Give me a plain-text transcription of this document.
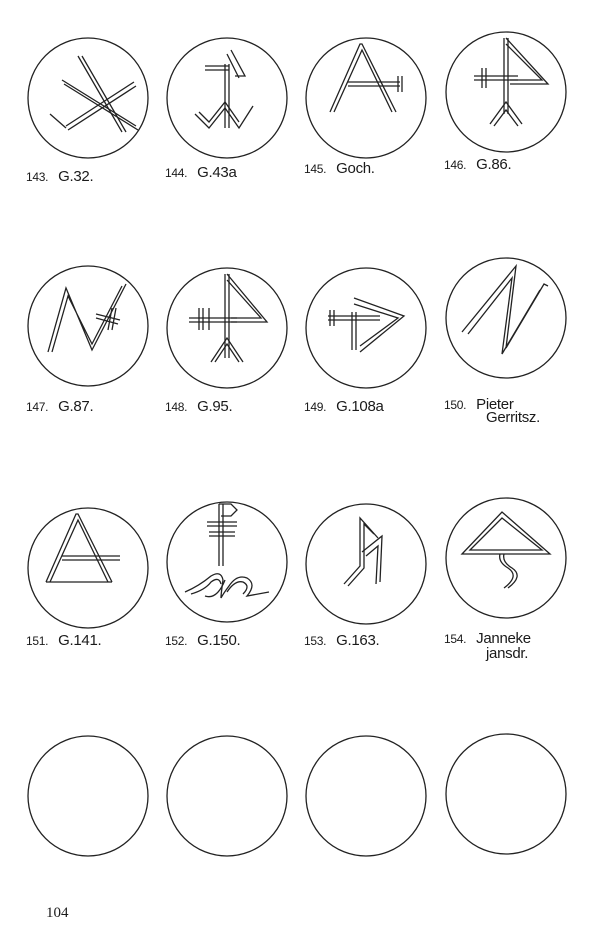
143. G.32.	144. G.43a	145. Goch.	146. G.86.
147. G.87.	148. G.95.	149. G.108a	150. Pieter
Gerritsz.
151. G.141.	152. G.150.	153. G.163.	154. Janneke
jansdr.
104
